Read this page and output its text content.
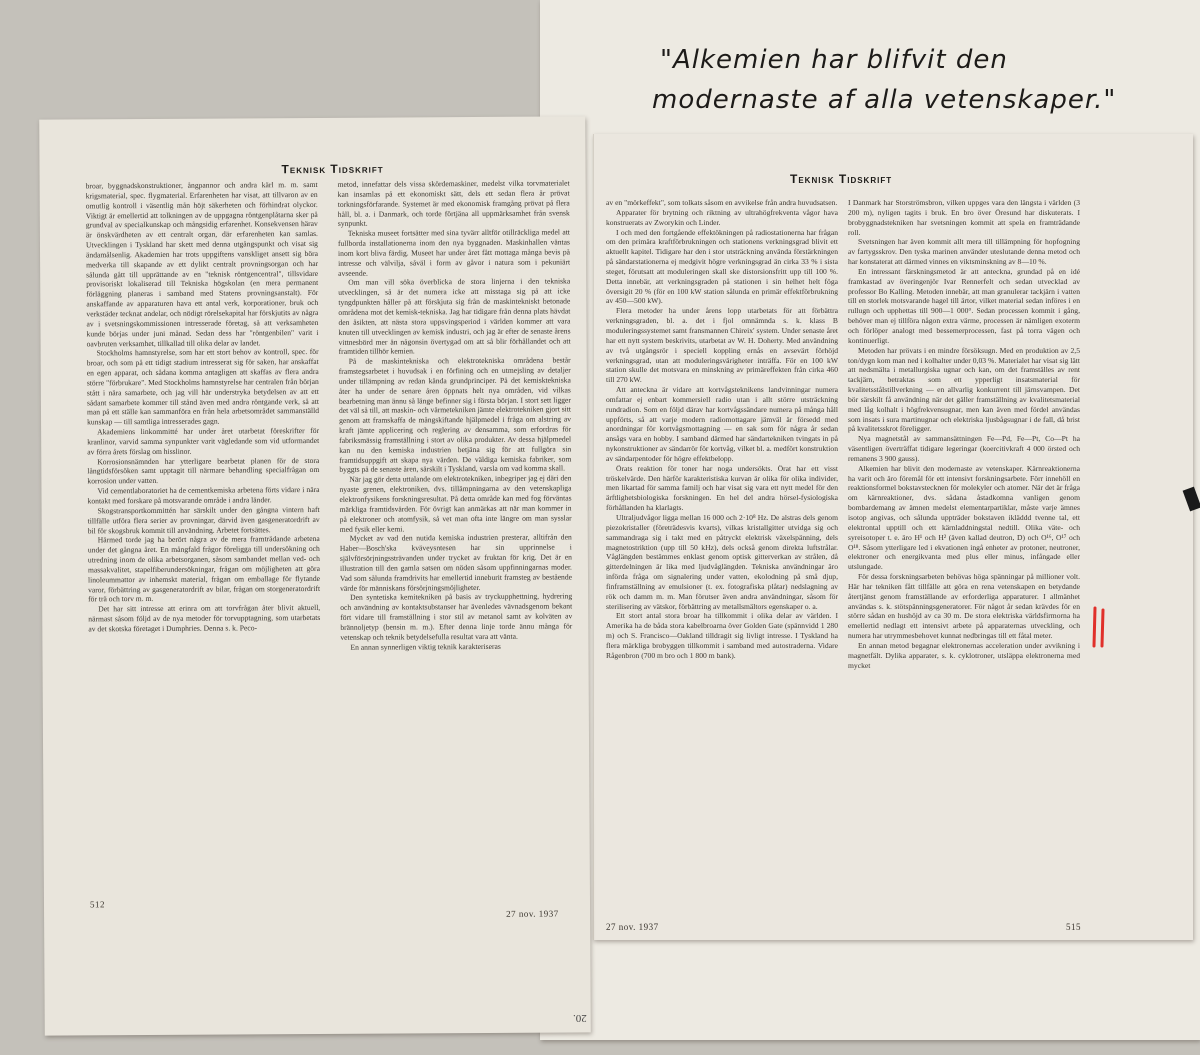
"Alkemien har blifvit den
modernaste af alla vetenskaper."
Teknisk Tidskrift

av en "mörkeffekt", som tolkats såsom en avvikelse från andra huvudsatsen.

Apparater för brytning och riktning av ultrahögfrekventa vågor hava konstruerats av Zworykin och Linder.

I och med den fortgående effektökningen på radiostationerna har frågan om den primära kraftförbrukningen och stationens verkningsgrad blivit ett aktuellt kapitel. Tidigare har den i stor utsträckning använda förstärkningen på sändarstationerna ej medgivit högre verkningsgrad än cirka 33 % i sista steget, förutsatt att moduleringen skall ske distorsionsfritt upp till 100 %. Detta innebär, att verkningsgraden på stationen i sin helhet helt föga översigit 20 % (för en 100 kW station sålunda en primär effektförbrukning av 450—500 kW).

Flera metoder ha under årens lopp utarbetats för att förbättra verkningsgraden, bl. a. det i fjol omnämnda s. k. klass B moduleringssystemet samt fransmannen Chireix' system. Under senaste året har ett nytt system beskrivits, utarbetat av W. H. Doherty. Med användning av två utgångsrör i speciell koppling ernås en avsevärt förhöjd verkningsgrad, utan att moduleringsvärigheter inträffa. För en 100 kW station skulle det motsvara en minskning av primäreffekten från cirka 460 till 270 kW.

Att anteckna är vidare att kortvågsteknikens landvinningar numera omfattar ej enbart kommersiell radio utan i allt större utsträckning rundradion. Som en följd därav har kortvågssändare numera på många håll uppförts, så att varje modern radiomottagare jämväl är försedd med anordningar för kortvågsmottagning — en sak som för några år sedan ansågs vara en hobby. I samband därmed har sändartekniken tvingats in på nykonstruktioner av sändarrör för kortvåg, vilket bl. a. medfört konstruktion av sändarpentoder för högre effektbelopp.

Örats reaktion för toner har noga undersökts. Örat har ett visst tröskelvärde. Den härför karakteristiska kurvan är olika för olika individer, men likartad för samma familj och har visat sig vara ett nytt medel för den ärftlighetsbiologiska forskningen. En hel del andra hörsel-fysiologiska förhållanden ha klarlagts.

Ultraljudvågor ligga mellan 16 000 och 2·10⁸ Hz. De alstras dels genom piezokristaller (företrädesvis kvarts), vilkas kristallgitter utvidga sig och sammandraga sig i takt med en påtryckt elektrisk växelspänning, dels magnetostriktion (upp till 50 kHz), dels också genom direkta luftstrålar. Våglängden bestämmes enklast genom optisk gitterverkan av strålen, då gitterdelningen är lika med ljudvåglängden. Tekniska användningar äro införda fråga om signalering under vatten, ekolodning på små djup, finframställning av emulsioner (t. ex. fotografiska plåtar) nedslagning av rök och damm m. m. Man förutser även andra användningar, såsom för sterilisering av vätskor, förbättring av metallsmältors egenskaper o. a.

Ett stort antal stora broar ha tillkommit i olika delar av världen. I Amerika ha de båda stora kabelbroarna över Golden Gate (spännvidd 1 280 m) och S. Francisco—Oakland tilldragit sig livligt intresse. I Tyskland ha flera märkliga brobyggen tillkommit i samband med autostraderna. Vidare Rågenbron (700 m bro och 1 800 m bank).

I Danmark har Storströmsbron, vilken uppges vara den längsta i världen (3 200 m), nyligen tagits i bruk. En bro över Öresund har diskuterats. I brobyggnadstekniken har svetsningen kommit att spela en framträdande roll.

Svetsningen har även kommit allt mera till tillämpning för hopfogning av fartygsskrov. Den tyska marinen använder uteslutande denna metod och har konstaterat att därmed vinnes en viktsminskning av 8—10 %.

En intressant färskningsmetod är att anteckna, grundad på en idé framkastad av överingenjör Ivar Rennerfelt och sedan utvecklad av professor Bo Kalling. Metoden innebär, att man granulerar tackjärn i vatten till en storlek motsvarande hagel till ärtor, vilket material sedan införes i en rullugn och upphettas till 900—1 000°. Sedan processen kommit i gång, behöver man ej tillföra någon extra värme, processen är nämligen exoterm och förlöper analogt med bessemerprocessen, fast på torra vägen och kontinuerligt.

Metoden har prövats i en mindre försöksugn. Med en produktion av 2,5 ton/dygn kom man ned i kolhalter under 0,03 %. Materialet har visat sig lätt att nedsmälta i metallurgiska ugnar och kan, om det framställes av rent tackjärn, betraktas som ett ypperligt insatsmaterial för kvalitetsstålstillverkning — en allvarlig konkurrent till järnsvampen. Det bör särskilt få användning när det gäller framställning av kvalitetsmaterial med låg kolhalt i högfrekvensugnar, men kan även med fördel användas som insats i sura martinugnar och elektriska ljusbågsugnar i de fall, då brist på kvalitetsskrot föreligger.

Nya magnetstål av sammansättningen Fe—Pd, Fe—Pt, Co—Pt ha väsentligen överträffat tidigare legeringar (koercitivkraft 4 000 örsted och remanens 3 900 gauss).

Alkemien har blivit den modernaste av vetenskaper. Kärnreaktionerna ha varit och äro föremål för ett intensivt forskningsarbete. Förr innehöll en reaktionsformel bokstavstecknen för molekyler och atomer. När det är fråga om kärnreaktioner, dvs. sådana åstadkomna vanligen genom bombardemang av ämnen medelst elementarpartiklar, måste varje ämnes isotop angivas, och sålunda uppträder bokstaven ikläddd tvenne tal, ett elektrontal upptill och ett kärnladdningstal nedtill. Olika väte- och syreisotoper t. e. äro H¹ och H² (även kallad deutron, D) och O¹⁶, O¹⁷ och O¹⁸. Såsom ytterligare led i ekvationen ingå enheter av protoner, neutroner, elektroner och energikvanta med plus eller minus, infångade eller utslungade.

För dessa forskningsarbeten behövas höga spänningar på millioner volt. Här har tekniken fått tillfälle att göra en rena vetenskapen en betydande återtjänst genom framställande av erforderliga apparaturer. I allmänhet användas s. k. stötspänningsgeneratorer. För något år sedan krävdes för en större sådan en hushöjd av ca 30 m. De stora elektriska världsfirmorna ha emellertid nedlagt ett intensivt arbete på apparaternas utveckling, och numera har utrymmesbehovet kunnat nedbringas till ett fåtal meter.

En annan metod begagnar elektronernas acceleration under avvikning i magnetfält. Dylika apparater, s. k. cyklotroner, utsläppa elektronerna med mycket

27 nov. 1937	515
Teknisk Tidskrift

broar, byggnadskonstruktioner, ångpannor och andra kärl m. m. samt krigsmaterial, spec. flygmaterial. Erfarenheten har visat, att tillvaron av en omutlig kontroll i väsentlig mån höjt säkerheten och förhindrat olyckor. Viktigt är emellertid att tolkningen av de uppgagna röntgenplåtarna sker på grundval av specialkunskap och mångsidig erfarenhet. Konsekvensen härav är önskvärdheten av ett centralt organ, där erfarenheten kan samlas. Utvecklingen i Tyskland har skett med denna utgångspunkt och visat sig ändamålsenlig. Akademien har trots uppgiftens vanskliget ansett sig böra medverka till skapande av ett dylikt centralt provningsorgan och har sålunda gått till upprättande av en "teknisk röntgencentral", tillsvidare provisoriskt lokaliserad till Tekniska högskolan (en mera permanent förläggning planeras i samband med Statens provningsanstalt). För anskaffande av apparaturen hava ett antal verk, korporationer, bruk och verkstäder tecknat andelar, och nödigt rörelsekapital har förskjutits av några av i svetsningskommissionen intresserade företag, så att verksamheten kunde börjas under juni månad. Sedan dess har "röntgenbilen" varit i oavbruten verksamhet, tillkallad till olika delar av landet.

Stockholms hamnstyrelse, som har ett stort behov av kontroll, spec. för broar, och som på ett tidigt stadium intresserat sig för saken, har anskaffat en egen apparat, och sådana komma antagligen att skaffas av flera andra större "förbrukare". Med Stockholms hamnstyrelse har centralen från början stått i nära samarbete, och jag vill här understryka betydelsen av att ett sådant samarbete kommer till stånd även med andra röntgande verk, så att man på ett ställe kan sammanföra en från hela arbetsområdet sammanställd kunskap — till samtliga intresserades gagn.

Akademiens linkommitté har under året utarbetat föreskrifter för kranlinor, varvid samma synpunkter varit vägledande som vid utformandet av förra årets förslag om hisslinor.

Korrosionsnämnden har ytterligare bearbetat planen för de stora långtidsförsöken samt upptagit till närmare behandling specialfrågan om korrosion under vatten.

Vid cementlaboratoriet ha de cementkemiska arbetena förts vidare i nära kontakt med forskare på motsvarande område i andra länder.

Skogstransportkommittén har särskilt under den gångna vintern haft tillfälle utföra flera serier av provningar, därvid även gasgeneratordrift av bil för skogsbruk kommit till användning. Arbetet fortsättes.

Härmed torde jag ha berört några av de mera framträdande arbetena under det gångna året. En mångfald frågor föreligga till undersökning och utredning inom de olika arbetsorganen, såsom sambandet mellan ved- och massakvalitet, stapelfiberundersökningar, frågan om möjligheten att göra linoleummattor av inhemskt material, frågan om emballage för flytande varor, förbättring av gasgeneratordrift av bilar, frågan om storgeneratordrift för trä och torv m. m.

Det har sitt intresse att erinra om att torvfrågan åter blivit aktuell, närmast såsom följd av de nya metoder för torvupptagning, som utarbetats av det skotska företaget i Dumphries. Denna s. k. Peco-

metod, innefattar dels vissa skördemaskiner, medelst vilka torvmaterialet kan insamlas på ett ekonomiskt sätt, dels ett sedan flera år prövat torkningsförfarande. Systemet är med ekonomisk framgång prövat på flera håll, bl. a. i Danmark, och torde förtjäna all uppmärksamhet från svensk synpunkt.

Tekniska museet fortsätter med sina tyvärr alltför otillräckliga medel att fullborda installationerna inom den nya byggnaden. Maskinhallen väntas inom kort bliva färdig. Museet har under året fått mottaga många bevis på intresse och välvilja, såväl i form av gåvor i natura som i pekuniärt avseende.

Om man vill söka överblicka de stora linjerna i den tekniska utvecklingen, så är det numera icke att misstaga sig på att icke tyngdpunkten håller på att förskjuta sig från de maskintekniskt betonade områdena mot det kemisk-tekniska. Jag har tidigare från denna plats hävdat den åsikten, att nästa stora uppsvingsperiod i världen kommer att vara knuten till utvecklingen av kemisk industri, och jag är efter de senaste årens vittnesbörd mer än någonsin övertygad om att så blir förhållandet och att framtiden tillhör kemien.

På de maskintekniska och elektrotekniska områdena består framstegsarbetet i huvudsak i en förfining och en utmejsling av detaljer under tillämpning av redan kända grundprinciper. På det kemisktekniska åter ha under de senare åren öppnats helt nya områden, vid vilkas bearbetning man ännu så länge befinner sig i första början. I stort sett ligger det väl så till, att maskin- och värmetekniken jämte elektrotekniken gjort sitt genom att framskaffa de mångskiftande hjälpmedel i fråga om alstring av kraft jämte applicering och reglering av densamma, som erfordras för fabriksmässig framställning i stort av olika produkter. Av dessa hjälpmedel kan nu den kemiska industrien betjäna sig för att fullgöra sin framtidsuppgift att skapa nya värden. De väldiga kemiska fabriker, som byggts på de senaste åren, särskilt i Tyskland, varsla om vad komma skall.

När jag gör detta uttalande om elektrotekniken, inbegriper jag ej däri den nyaste grenen, elektroniken, dvs. tillämpningarna av den vetenskapliga elektronfysikens forskningsresultat. På detta område kan med fog förväntas märkliga framtidsvärden. För övrigt kan anmärkas att när man kommer in på elektroner och atomfysik, så vet man ofta inte längre om man sysslar med fysik eller kemi.

Mycket av vad den nutida kemiska industrien presterar, alltifrån den Haber—Bosch'ska kväveysntesen har sin upprinnelse i självförsörjningssträvanden under trycket av fruktan för krig. Det är en illustration till den gamla satsen om nöden såsom uppfinningarnas moder. Vad som sålunda framdrivits har emellertid inneburit framsteg av bestående värde för människans försörjningsmöjligheter.

Den syntetiska kemitekniken på basis av tryckupphettning, hydrering och användning av kontaktsubstanser har ävenledes vävnadsgenom bekant fört vidare till framställning i stor stil av metanol samt av kolväten av brännoljetyp (bensin m. m.). Efter denna linje torde ännu många för vetenskap och teknik betydelsefulla resultat vara att vänta.

En annan synnerligen viktig teknik karakteriseras

512
27 nov. 1937
20.
